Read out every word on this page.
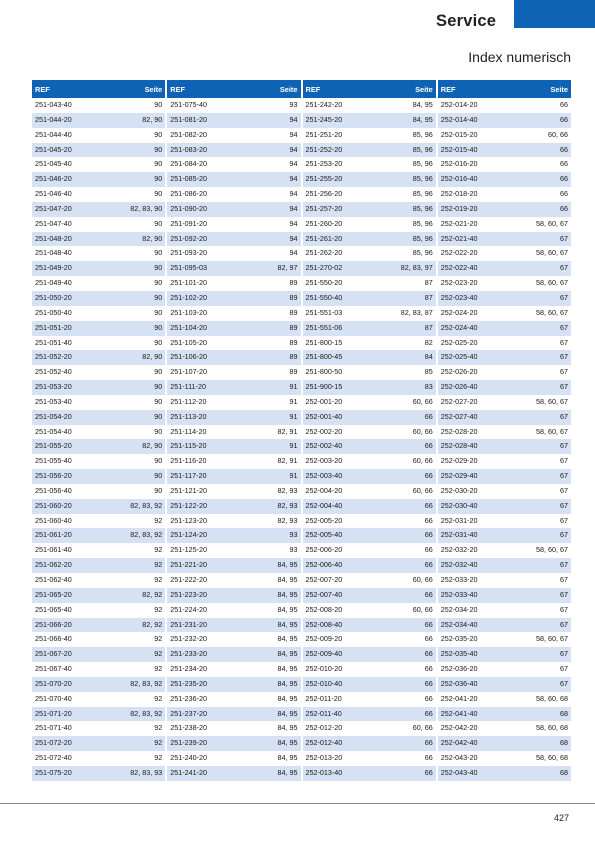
Service
Index numerisch
REF	Seite
251-043-40	90
251-044-20	82, 90
251-044-40	90
251-045-20	90
251-045-40	90
251-046-20	90
251-046-40	90
251-047-20	82, 83, 90
251-047-40	90
251-048-20	82, 90
251-048-40	90
251-049-20	90
251-049-40	90
251-050-20	90
251-050-40	90
251-051-20	90
251-051-40	90
251-052-20	82, 90
251-052-40	90
251-053-20	90
251-053-40	90
251-054-20	90
251-054-40	90
251-055-20	82, 90
251-055-40	90
251-056-20	90
251-056-40	90
251-060-20	82, 83, 92
251-060-40	92
251-061-20	82, 83, 92
251-061-40	92
251-062-20	92
251-062-40	92
251-065-20	82, 92
251-065-40	92
251-066-20	82, 92
251-066-40	92
251-067-20	92
251-067-40	92
251-070-20	82, 83, 92
251-070-40	92
251-071-20	82, 83, 92
251-071-40	92
251-072-20	92
251-072-40	92
251-075-20	82, 83, 93
REF	Seite
251-075-40	93
251-081-20	94
251-082-20	94
251-083-20	94
251-084-20	94
251-085-20	94
251-086-20	94
251-090-20	94
251-091-20	94
251-092-20	94
251-093-20	94
251-095-03	82, 97
251-101-20	89
251-102-20	89
251-103-20	89
251-104-20	89
251-105-20	89
251-106-20	89
251-107-20	89
251-111-20	91
251-112-20	91
251-113-20	91
251-114-20	82, 91
251-115-20	91
251-116-20	82, 91
251-117-20	91
251-121-20	82, 93
251-122-20	82, 93
251-123-20	82, 93
251-124-20	93
251-125-20	93
251-221-20	84, 95
251-222-20	84, 95
251-223-20	84, 95
251-224-20	84, 95
251-231-20	84, 95
251-232-20	84, 95
251-233-20	84, 95
251-234-20	84, 95
251-235-20	84, 95
251-236-20	84, 95
251-237-20	84, 95
251-238-20	84, 95
251-239-20	84, 95
251-240-20	84, 95
251-241-20	84, 95
REF	Seite
251-242-20	84, 95
251-245-20	84, 95
251-251-20	85, 96
251-252-20	85, 96
251-253-20	85, 96
251-255-20	85, 96
251-256-20	85, 96
251-257-20	85, 96
251-260-20	85, 96
251-261-20	85, 96
251-262-20	85, 96
251-270-02	82, 83, 97
251-550-20	87
251-550-40	87
251-551-03	82, 83, 87
251-551-06	87
251-800-15	82
251-800-45	84
251-800-50	85
251-900-15	83
252-001-20	60, 66
252-001-40	66
252-002-20	60, 66
252-002-40	66
252-003-20	60, 66
252-003-40	66
252-004-20	60, 66
252-004-40	66
252-005-20	66
252-005-40	66
252-006-20	66
252-006-40	66
252-007-20	60, 66
252-007-40	66
252-008-20	60, 66
252-008-40	66
252-009-20	66
252-009-40	66
252-010-20	66
252-010-40	66
252-011-20	66
252-011-40	66
252-012-20	60, 66
252-012-40	66
252-013-20	66
252-013-40	66
REF	Seite
252-014-20	66
252-014-40	66
252-015-20	60, 66
252-015-40	66
252-016-20	66
252-016-40	66
252-018-20	66
252-019-20	66
252-021-20	58, 60, 67
252-021-40	67
252-022-20	58, 60, 67
252-022-40	67
252-023-20	58, 60, 67
252-023-40	67
252-024-20	58, 60, 67
252-024-40	67
252-025-20	67
252-025-40	67
252-026-20	67
252-026-40	67
252-027-20	58, 60, 67
252-027-40	67
252-028-20	58, 60, 67
252-028-40	67
252-029-20	67
252-029-40	67
252-030-20	67
252-030-40	67
252-031-20	67
252-031-40	67
252-032-20	58, 60, 67
252-032-40	67
252-033-20	67
252-033-40	67
252-034-20	67
252-034-40	67
252-035-20	58, 60, 67
252-035-40	67
252-036-20	67
252-036-40	67
252-041-20	58, 60, 68
252-041-40	68
252-042-20	58, 60, 68
252-042-40	68
252-043-20	58, 60, 68
252-043-40	68
427
